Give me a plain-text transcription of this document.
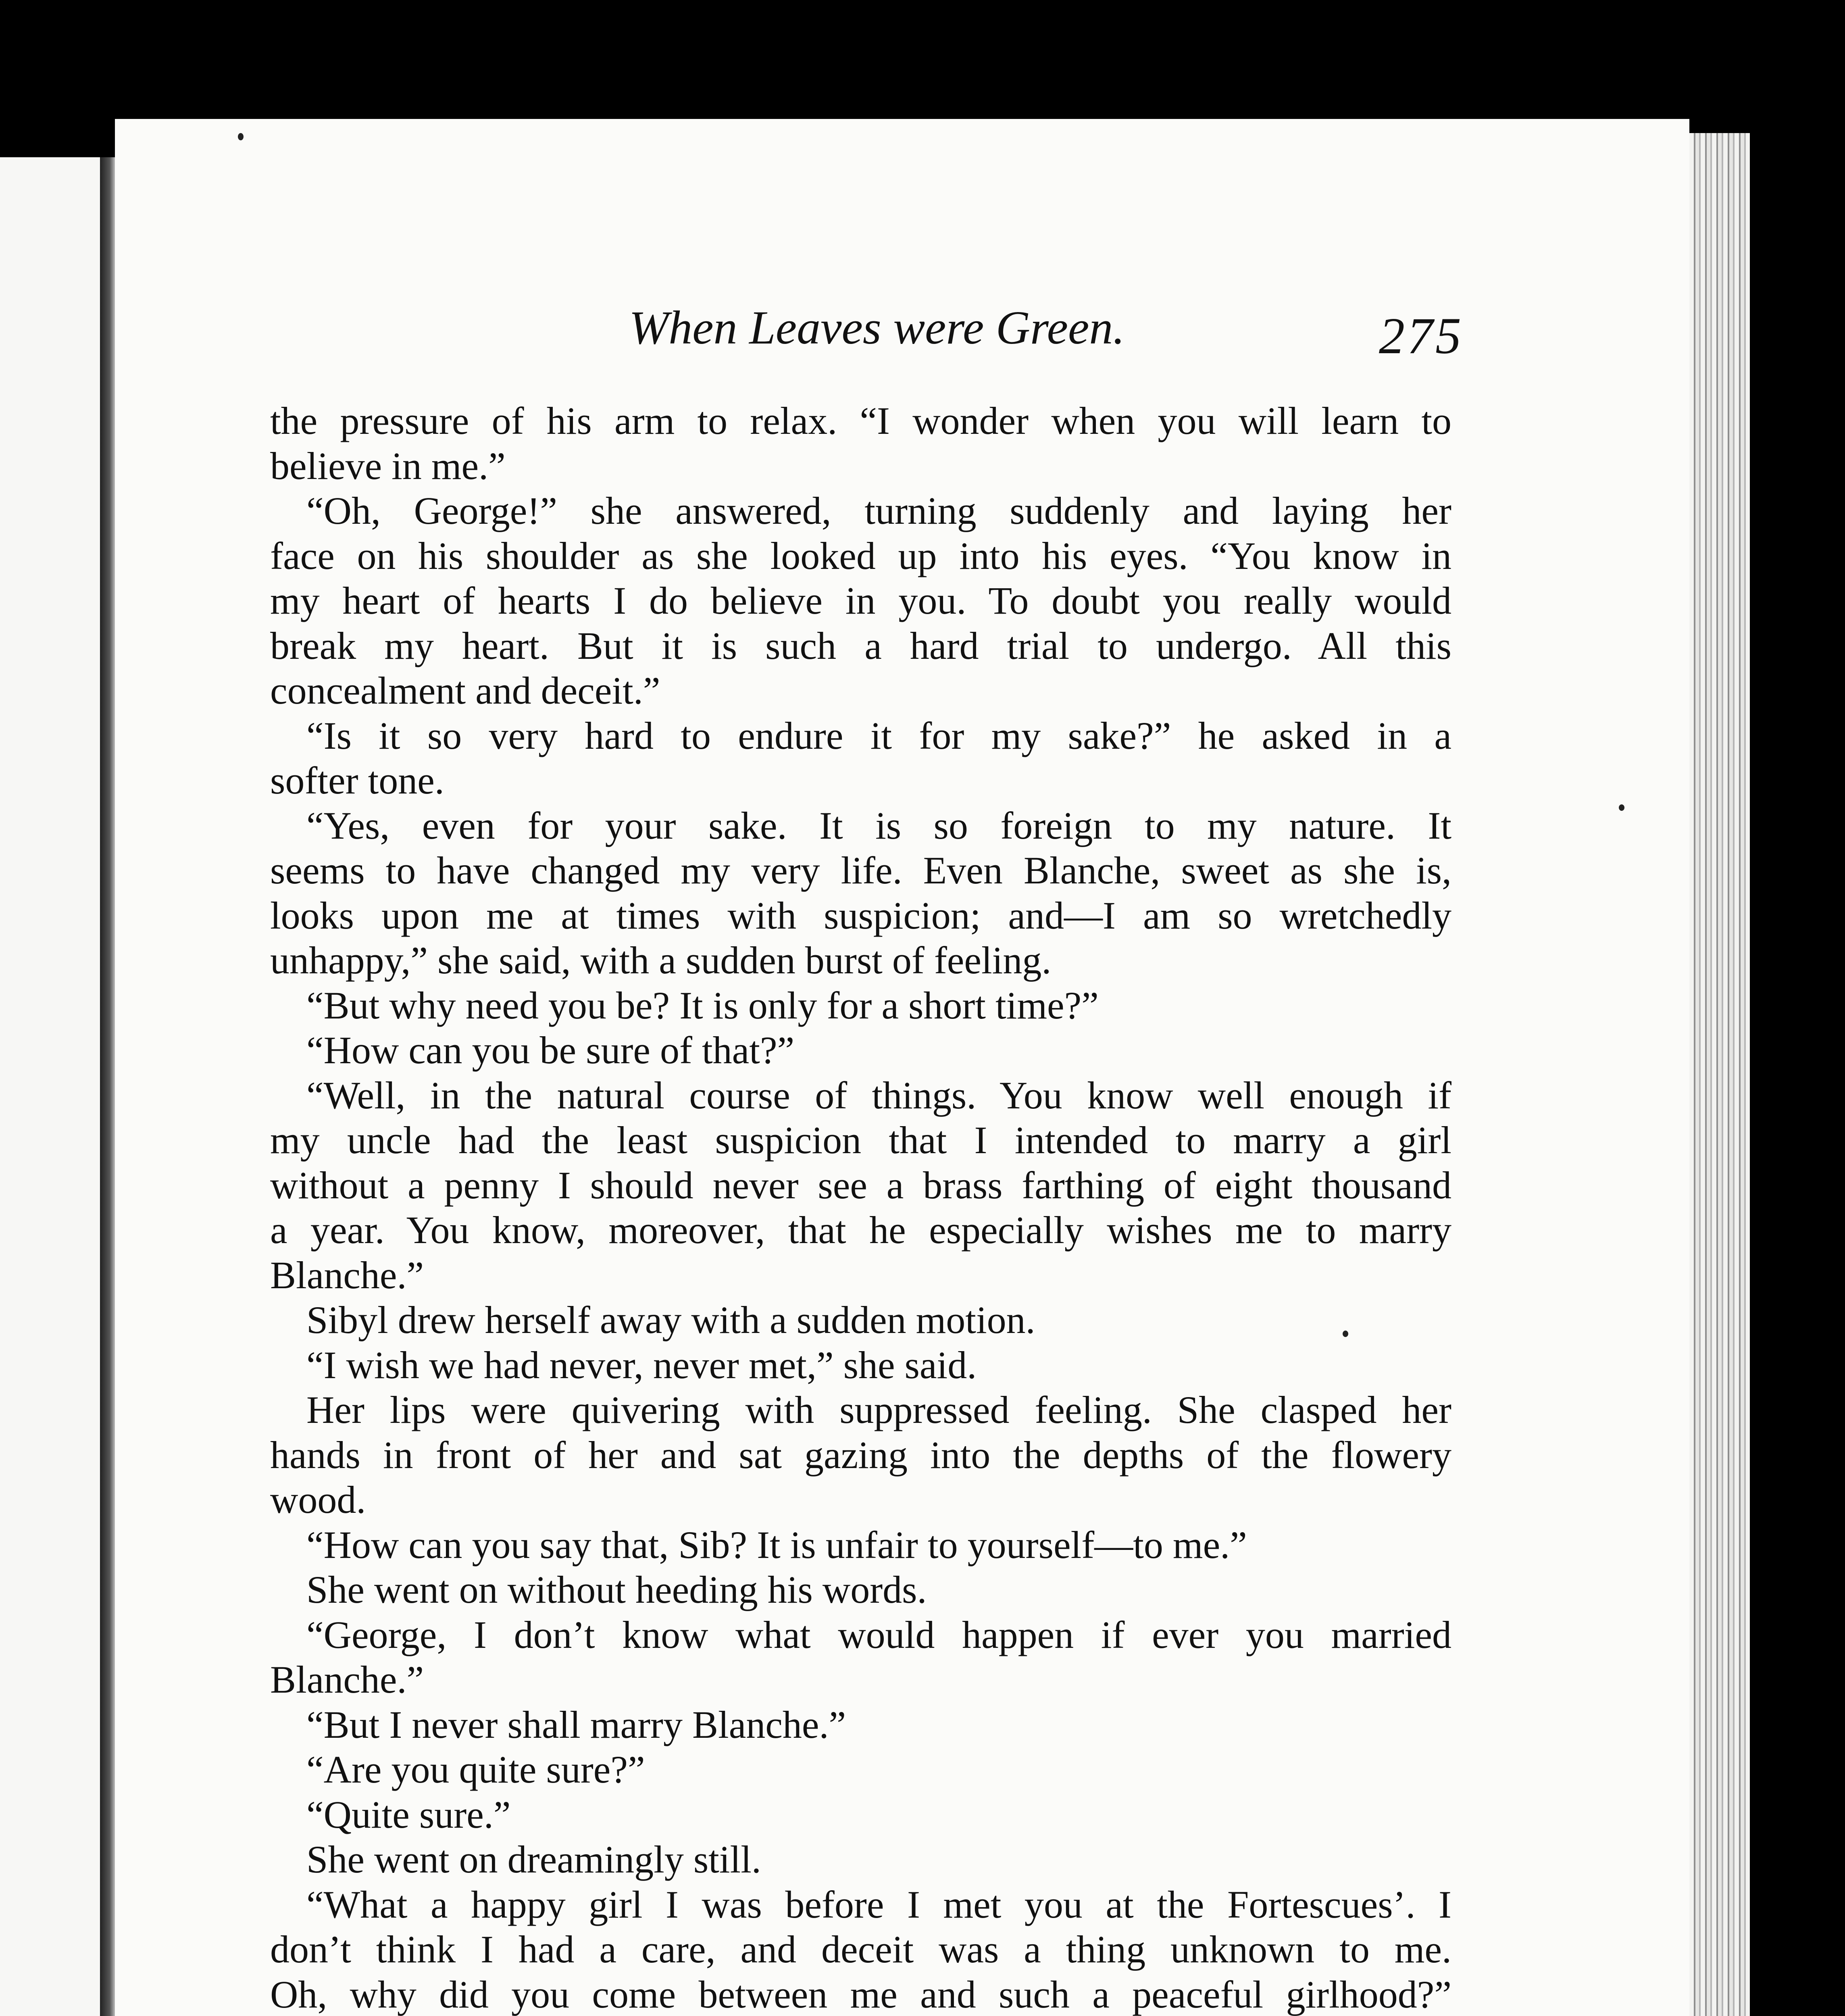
When Leaves were Green.	275
the pressure of his arm to relax. “I wonder when you will learn to
believe in me.”
“Oh, George!” she answered, turning suddenly and laying her
face on his shoulder as she looked up into his eyes. “You know in
my heart of hearts I do believe in you. To doubt you really would
break my heart. But it is such a hard trial to undergo. All this
concealment and deceit.”
“Is it so very hard to endure it for my sake?” he asked in a
softer tone.
“Yes, even for your sake. It is so foreign to my nature. It
seems to have changed my very life. Even Blanche, sweet as she is,
looks upon me at times with suspicion; and—I am so wretchedly
unhappy,” she said, with a sudden burst of feeling.
“But why need you be? It is only for a short time?”
“How can you be sure of that?”
“Well, in the natural course of things. You know well enough if
my uncle had the least suspicion that I intended to marry a girl
without a penny I should never see a brass farthing of eight thousand
a year. You know, moreover, that he especially wishes me to marry
Blanche.”
Sibyl drew herself away with a sudden motion.
“I wish we had never, never met,” she said.
Her lips were quivering with suppressed feeling. She clasped her
hands in front of her and sat gazing into the depths of the flowery
wood.
“How can you say that, Sib? It is unfair to yourself—to me.”
She went on without heeding his words.
“George, I don’t know what would happen if ever you married
Blanche.”
“But I never shall marry Blanche.”
“Are you quite sure?”
“Quite sure.”
She went on dreamingly still.
“What a happy girl I was before I met you at the Fortescues’. I
don’t think I had a care, and deceit was a thing unknown to me.
Oh, why did you come between me and such a peaceful girlhood?”
